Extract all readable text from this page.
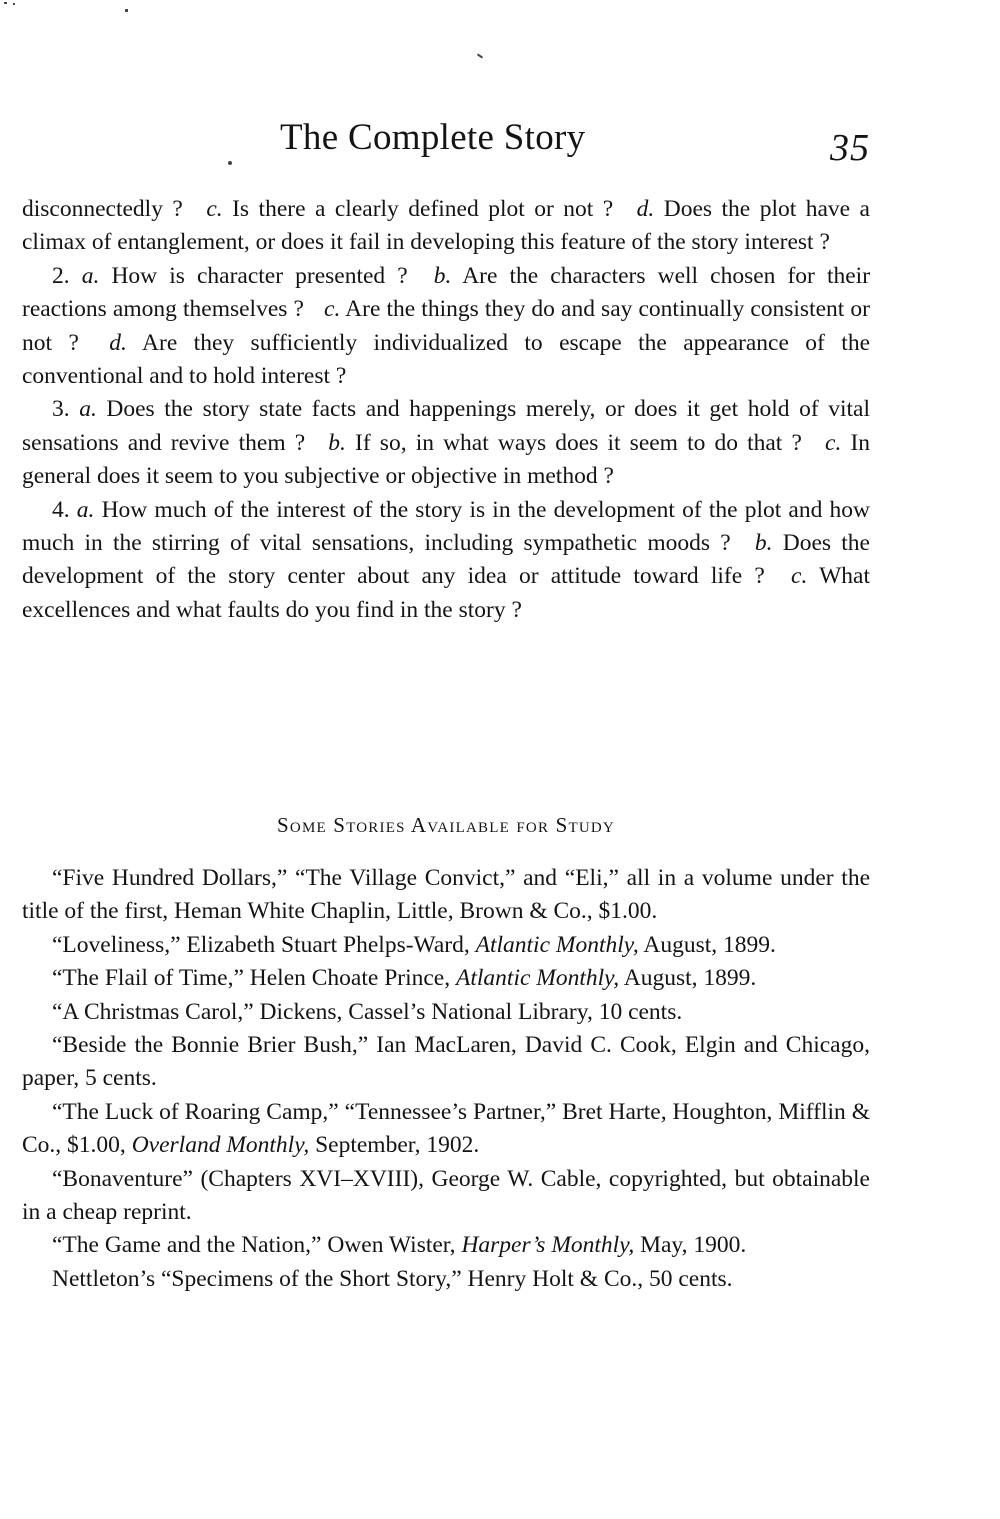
The Complete Story	35

disconnectedly ? c. Is there a clearly defined plot or not ? d. Does the plot have a climax of entanglement, or does it fail in developing this feature of the story interest ?

2. a. How is character presented ? b. Are the characters well chosen for their reactions among themselves ? c. Are the things they do and say continually consistent or not ? d. Are they sufficiently individualized to escape the appearance of the conventional and to hold interest ?

3. a. Does the story state facts and happenings merely, or does it get hold of vital sensations and revive them ? b. If so, in what ways does it seem to do that ? c. In general does it seem to you subjective or objective in method ?

4. a. How much of the interest of the story is in the development of the plot and how much in the stirring of vital sensations, including sympathetic moods ? b. Does the development of the story center about any idea or attitude toward life ? c. What excellences and what faults do you find in the story ?

Some Stories Available for Study

“Five Hundred Dollars,” “The Village Convict,” and “Eli,” all in a volume under the title of the first, Heman White Chaplin, Little, Brown & Co., $1.00.

“Loveliness,” Elizabeth Stuart Phelps-Ward, Atlantic Monthly, August, 1899.

“The Flail of Time,” Helen Choate Prince, Atlantic Monthly, August, 1899.

“A Christmas Carol,” Dickens, Cassel’s National Library, 10 cents.

“Beside the Bonnie Brier Bush,” Ian MacLaren, David C. Cook, Elgin and Chicago, paper, 5 cents.

“The Luck of Roaring Camp,” “Tennessee’s Partner,” Bret Harte, Houghton, Mifflin & Co., $1.00, Overland Monthly, September, 1902.

“Bonaventure” (Chapters XVI–XVIII), George W. Cable, copyrighted, but obtainable in a cheap reprint.

“The Game and the Nation,” Owen Wister, Harper’s Monthly, May, 1900.

Nettleton’s “Specimens of the Short Story,” Henry Holt & Co., 50 cents.
